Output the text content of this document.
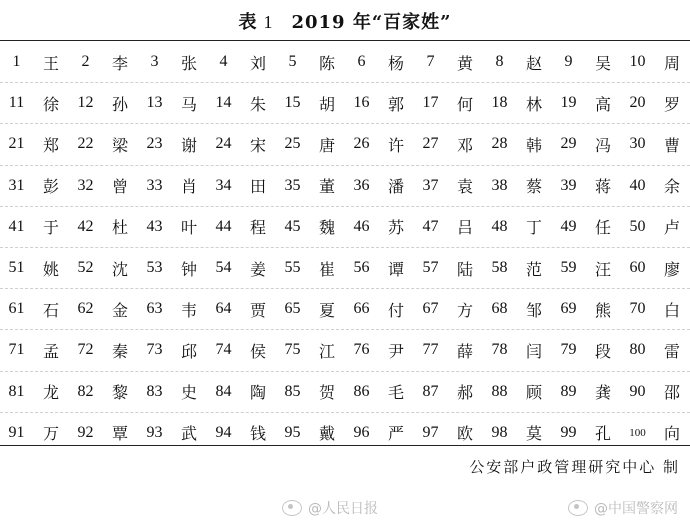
表 1 2019 年“百家姓”
1	王	2	李	3	张	4	刘	5	陈	6	杨	7	黄	8	赵	9	吴	10	周
11	徐	12	孙	13	马	14	朱	15	胡	16	郭	17	何	18	林	19	高	20	罗
21	郑	22	梁	23	谢	24	宋	25	唐	26	许	27	邓	28	韩	29	冯	30	曹
31	彭	32	曾	33	肖	34	田	35	董	36	潘	37	袁	38	蔡	39	蒋	40	余
41	于	42	杜	43	叶	44	程	45	魏	46	苏	47	吕	48	丁	49	任	50	卢
51	姚	52	沈	53	钟	54	姜	55	崔	56	谭	57	陆	58	范	59	汪	60	廖
61	石	62	金	63	韦	64	贾	65	夏	66	付	67	方	68	邹	69	熊	70	白
71	孟	72	秦	73	邱	74	侯	75	江	76	尹	77	薛	78	闫	79	段	80	雷
81	龙	82	黎	83	史	84	陶	85	贺	86	毛	87	郝	88	顾	89	龚	90	邵
91	万	92	覃	93	武	94	钱	95	戴	96	严	97	欧	98	莫	99	孔	100	向
公安部户政管理研究中心 制
@人民日报	@中国警察网
